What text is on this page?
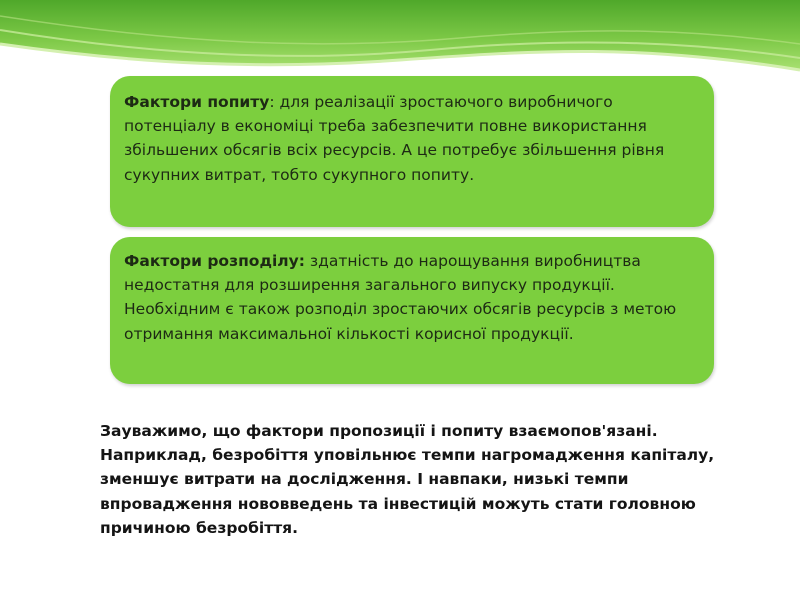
Фактори попиту: для реалізації зростаючого виробничого потенціалу в економіці треба забезпечити повне використання збільшених обсягів всіх ресурсів. А це потребує збільшення рівня сукупних витрат, тобто сукупного попиту.

Фактори розподілу: здатність до нарощування виробництва недостатня для розширення загального випуску продукції. Необхідним є також розподіл зростаючих обсягів ресурсів з метою отримання максимальної кількості корисної продукції.

Зауважимо, що фактори пропозиції і попиту взаємопов'язані. Наприклад, безробіття уповільнює темпи нагромадження капіталу, зменшує витрати на дослідження. І навпаки, низькі темпи впровадження нововведень та інвестицій можуть стати головною причиною безробіття.
